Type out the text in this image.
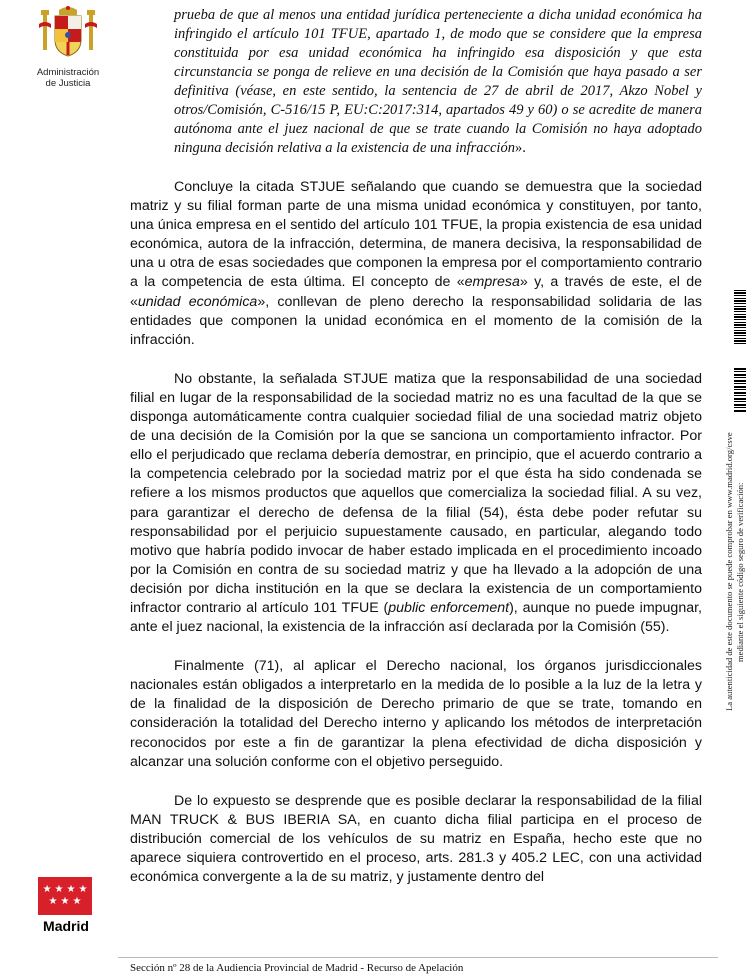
Administración
de Justicia
prueba de que al menos una entidad jurídica perteneciente a dicha unidad económica ha infringido el artículo 101 TFUE, apartado 1, de modo que se considere que la empresa constituida por esa unidad económica ha infringido esa disposición y que esta circunstancia se ponga de relieve en una decisión de la Comisión que haya pasado a ser definitiva (véase, en este sentido, la sentencia de 27 de abril de 2017, Akzo Nobel y otros/Comisión, C-516/15 P, EU:C:2017:314, apartados 49 y 60) o se acredite de manera autónoma ante el juez nacional de que se trate cuando la Comisión no haya adoptado ninguna decisión relativa a la existencia de una infracción».

Concluye la citada STJUE señalando que cuando se demuestra que la sociedad matriz y su filial forman parte de una misma unidad económica y constituyen, por tanto, una única empresa en el sentido del artículo 101 TFUE, la propia existencia de esa unidad económica, autora de la infracción, determina, de manera decisiva, la responsabilidad de una u otra de esas sociedades que componen la empresa por el comportamiento contrario a la competencia de esta última. El concepto de «empresa» y, a través de este, el de «unidad económica», conllevan de pleno derecho la responsabilidad solidaria de las entidades que componen la unidad económica en el momento de la comisión de la infracción.

No obstante, la señalada STJUE matiza que la responsabilidad de una sociedad filial en lugar de la responsabilidad de la sociedad matriz no es una facultad de la que se disponga automáticamente contra cualquier sociedad filial de una sociedad matriz objeto de una decisión de la Comisión por la que se sanciona un comportamiento infractor. Por ello el perjudicado que reclama debería demostrar, en principio, que el acuerdo contrario a la competencia celebrado por la sociedad matriz por el que ésta ha sido condenada se refiere a los mismos productos que aquellos que comercializa la sociedad filial. A su vez, para garantizar el derecho de defensa de la filial (54), ésta debe poder refutar su responsabilidad por el perjuicio supuestamente causado, en particular, alegando todo motivo que habría podido invocar de haber estado implicada en el procedimiento incoado por la Comisión en contra de su sociedad matriz y que ha llevado a la adopción de una decisión por dicha institución en la que se declara la existencia de un comportamiento infractor contrario al artículo 101 TFUE (public enforcement), aunque no puede impugnar, ante el juez nacional, la existencia de la infracción así declarada por la Comisión (55).

Finalmente (71), al aplicar el Derecho nacional, los órganos jurisdiccionales nacionales están obligados a interpretarlo en la medida de lo posible a la luz de la letra y de la finalidad de la disposición de Derecho primario de que se trate, tomando en consideración la totalidad del Derecho interno y aplicando los métodos de interpretación reconocidos por este a fin de garantizar la plena efectividad de dicha disposición y alcanzar una solución conforme con el objetivo perseguido.

De lo expuesto se desprende que es posible declarar la responsabilidad de la filial MAN TRUCK & BUS IBERIA SA, en cuanto dicha filial participa en el proceso de distribución comercial de los vehículos de su matriz en España, hecho este que no aparece siquiera controvertido en el proceso, arts. 281.3 y 405.2 LEC, con una actividad económica convergente a la de su matriz, y justamente dentro del

La autenticidad de este documento se puede comprobar en www.madrid.org/csve mediante el siguiente código seguro de verificación:
★ ★ ★ ★
★ ★ ★
Madrid
Sección nº 28 de la Audiencia Provincial de Madrid - Recurso de Apelación
